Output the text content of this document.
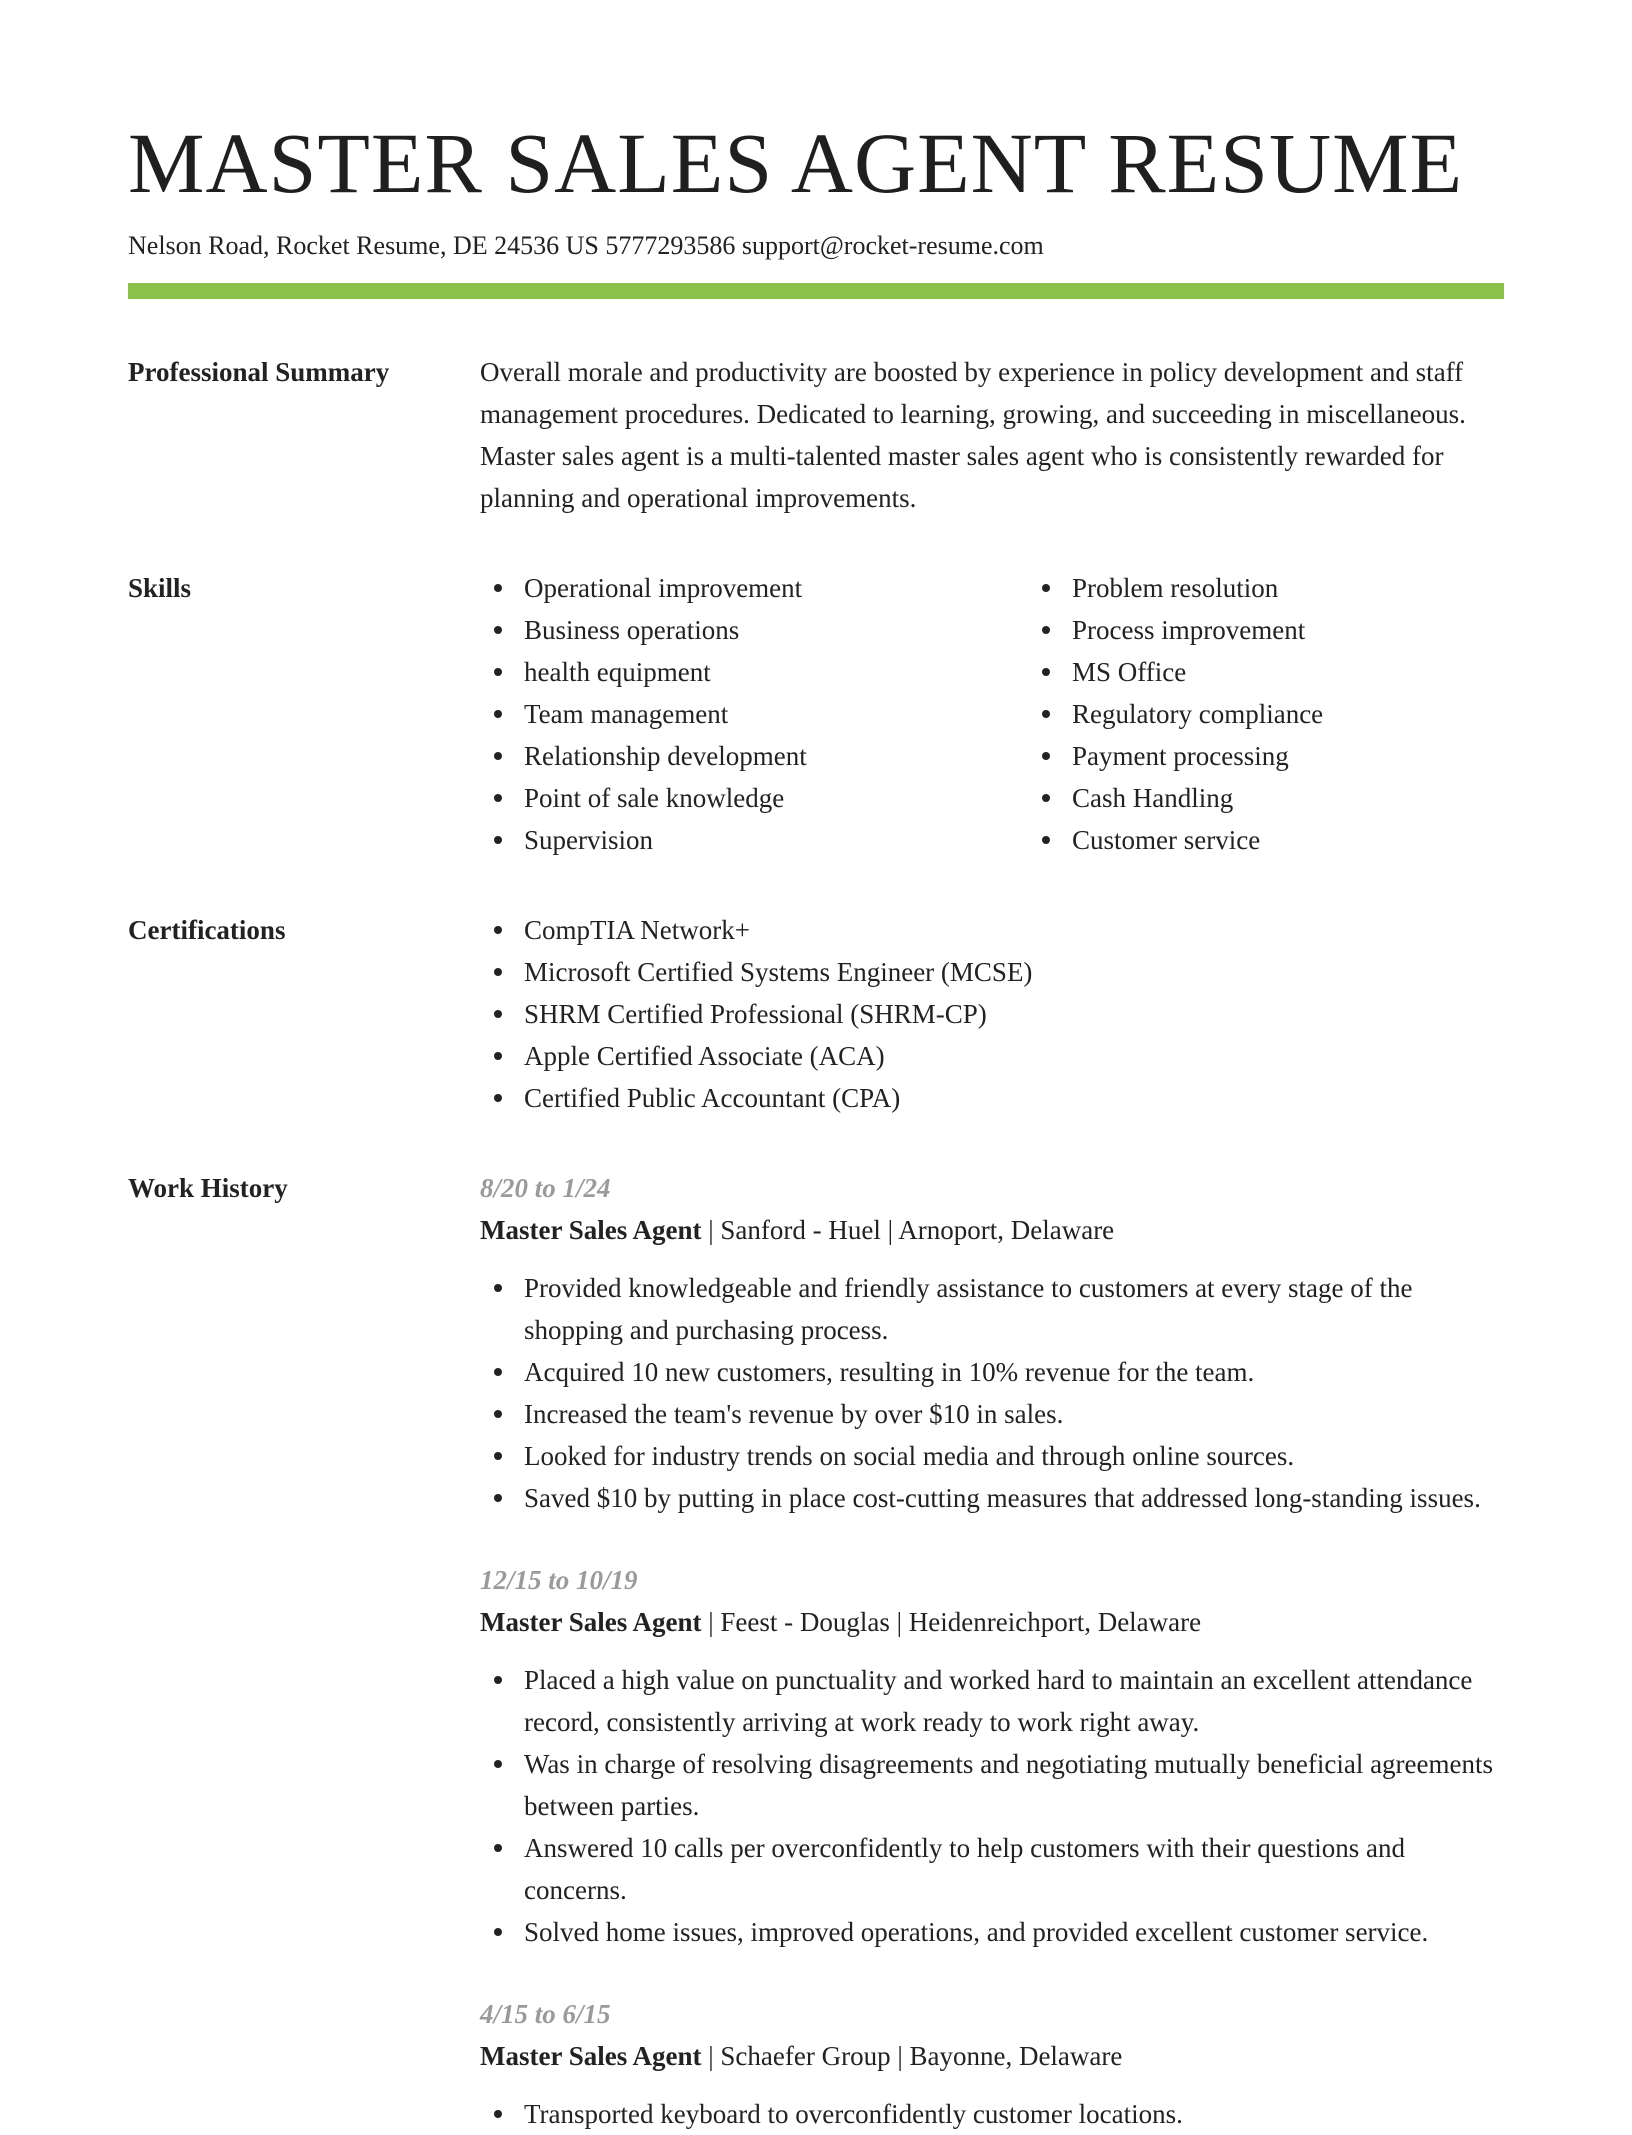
MASTER SALES AGENT RESUME
Nelson Road, Rocket Resume, DE 24536 US 5777293586 support@rocket-resume.com
Professional Summary	Overall morale and productivity are boosted by experience in policy development and staff management procedures. Dedicated to learning, growing, and succeeding in miscellaneous. Master sales agent is a multi-talented master sales agent who is consistently rewarded for planning and operational improvements.

Skills	Operational improvement
Business operations
health equipment
Team management
Relationship development
Point of sale knowledge
Supervision
Problem resolution
Process improvement
MS Office
Regulatory compliance
Payment processing
Cash Handling
Customer service
Certifications	CompTIA Network+
Microsoft Certified Systems Engineer (MCSE)
SHRM Certified Professional (SHRM-CP)
Apple Certified Associate (ACA)
Certified Public Accountant (CPA)
Work History	8/20 to 1/24
Master Sales Agent | Sanford - Huel | Arnoport, Delaware
Provided knowledgeable and friendly assistance to customers at every stage of the shopping and purchasing process.
Acquired 10 new customers, resulting in 10% revenue for the team.
Increased the team's revenue by over $10 in sales.
Looked for industry trends on social media and through online sources.
Saved $10 by putting in place cost-cutting measures that addressed long-standing issues.
12/15 to 10/19
Master Sales Agent | Feest - Douglas | Heidenreichport, Delaware
Placed a high value on punctuality and worked hard to maintain an excellent attendance record, consistently arriving at work ready to work right away.
Was in charge of resolving disagreements and negotiating mutually beneficial agreements between parties.
Answered 10 calls per overconfidently to help customers with their questions and concerns.
Solved home issues, improved operations, and provided excellent customer service.
4/15 to 6/15
Master Sales Agent | Schaefer Group | Bayonne, Delaware
Transported keyboard to overconfidently customer locations.
